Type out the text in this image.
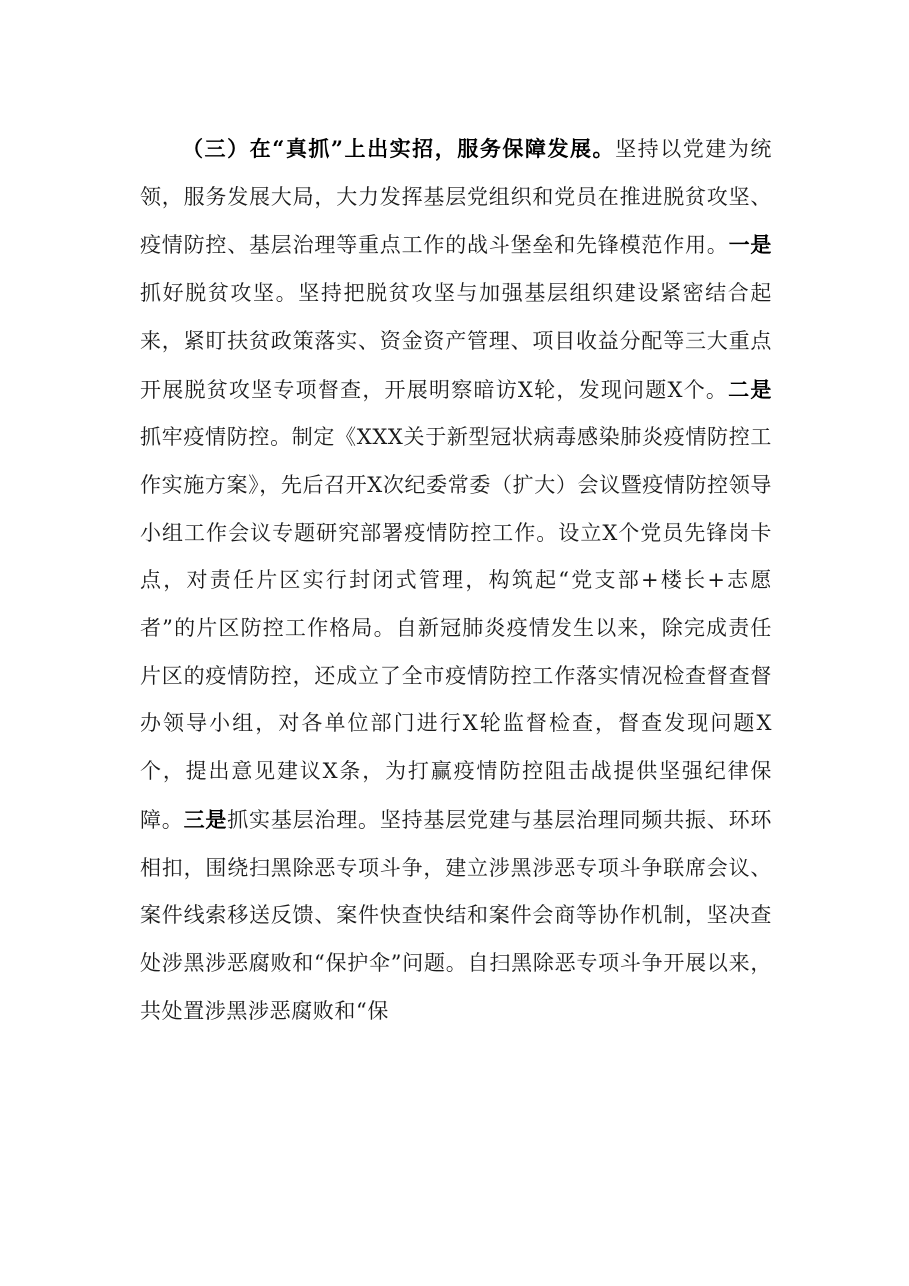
（三）在“真抓”上出实招，服务保障发展。坚持以党建为统领，服务发展大局，大力发挥基层党组织和党员在推进脱贫攻坚、疫情防控、基层治理等重点工作的战斗堡垒和先锋模范作用。一是抓好脱贫攻坚。坚持把脱贫攻坚与加强基层组织建设紧密结合起来，紧盯扶贫政策落实、资金资产管理、项目收益分配等三大重点开展脱贫攻坚专项督查，开展明察暗访X轮，发现问题X个。二是抓牢疫情防控。制定《XXX关于新型冠状病毒感染肺炎疫情防控工作实施方案》，先后召开X次纪委常委（扩大）会议暨疫情防控领导小组工作会议专题研究部署疫情防控工作。设立X个党员先锋岗卡点，对责任片区实行封闭式管理，构筑起“党支部+楼长+志愿者”的片区防控工作格局。自新冠肺炎疫情发生以来，除完成责任片区的疫情防控，还成立了全市疫情防控工作落实情况检查督查督办领导小组，对各单位部门进行X轮监督检查，督查发现问题X个，提出意见建议X条，为打赢疫情防控阻击战提供坚强纪律保障。三是抓实基层治理。坚持基层党建与基层治理同频共振、环环相扣，围绕扫黑除恶专项斗争，建立涉黑涉恶专项斗争联席会议、案件线索移送反馈、案件快查快结和案件会商等协作机制，坚决查处涉黑涉恶腐败和“保护伞”问题。自扫黑除恶专项斗争开展以来，共处置涉黑涉恶腐败和“保
